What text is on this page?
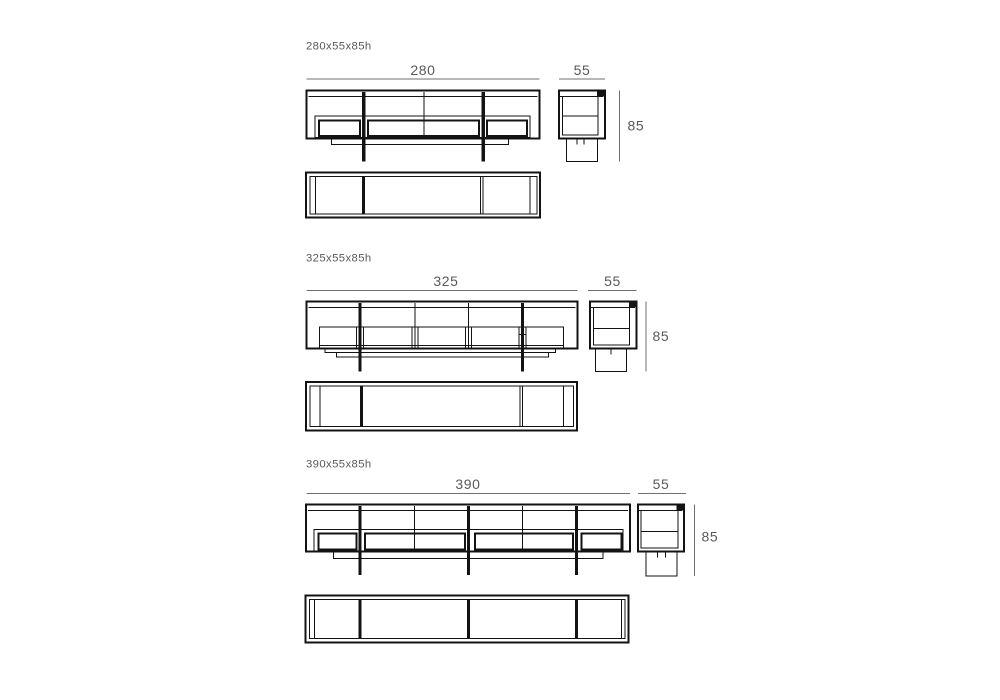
280x55x85h
280	55
85
325x55x85h
325	55
85
390x55x85h
390	55
85
